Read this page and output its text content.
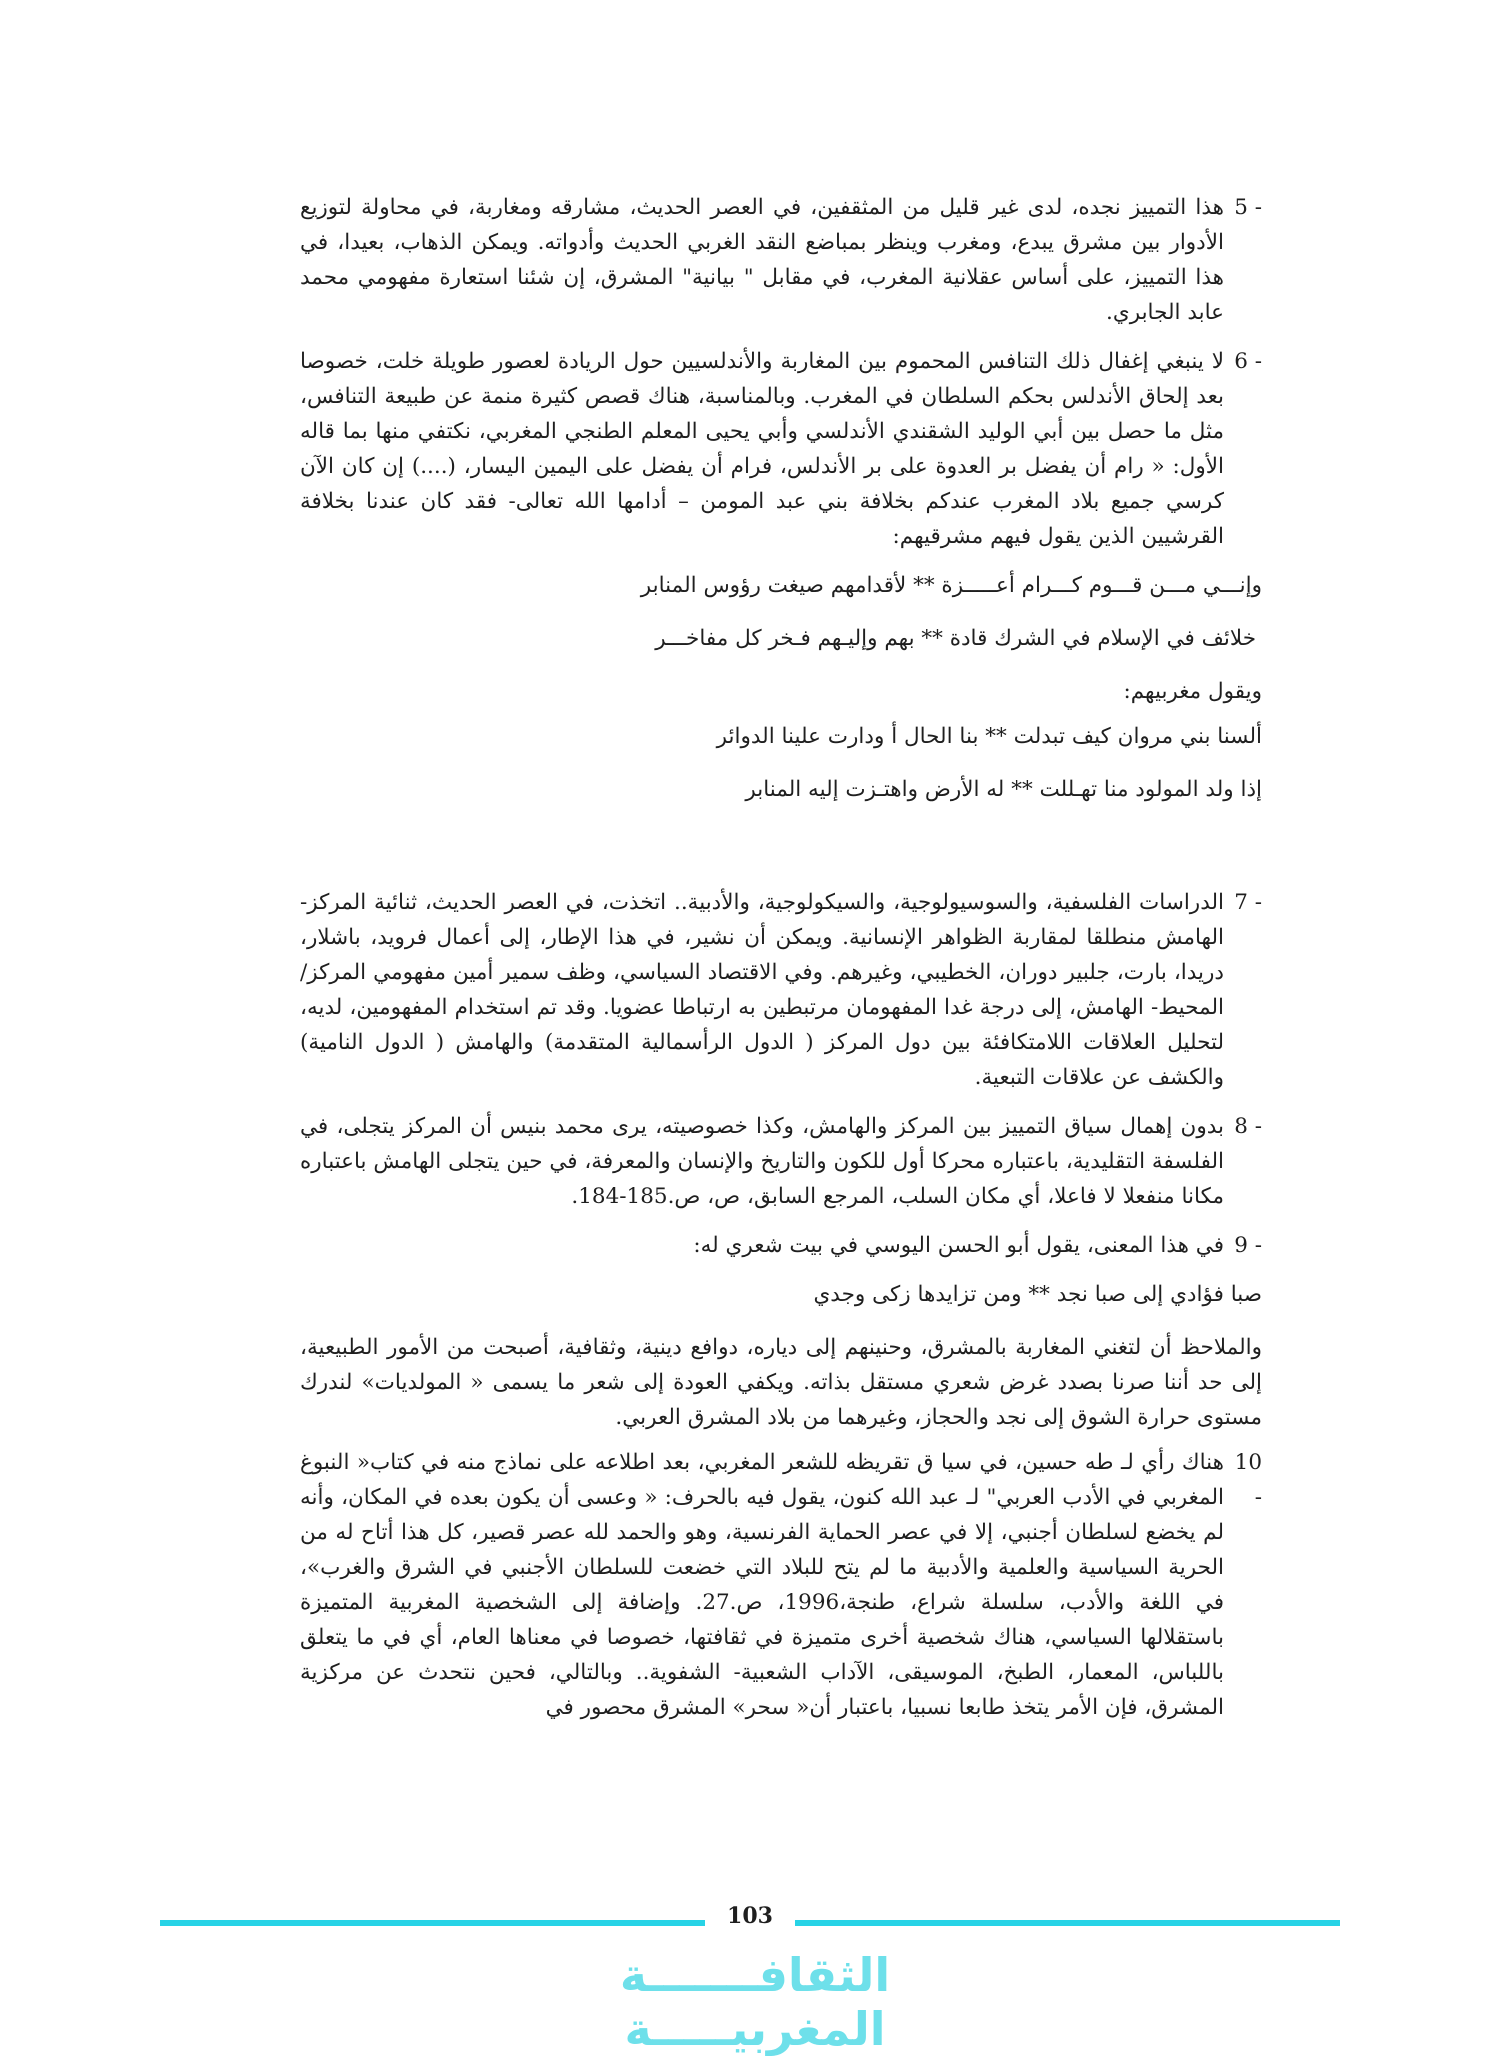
5 -

هذا التمييز نجده، لدى غير قليل من المثقفين، في العصر الحديث، مشارقه ومغاربة، في محاولة لتوزيع الأدوار بين مشرق يبدع، ومغرب وينظر بمباضع النقد الغربي الحديث وأدواته. ويمكن الذهاب، بعيدا، في هذا التمييز، على أساس عقلانية المغرب، في مقابل " بيانية" المشرق، إن شئنا استعارة مفهومي محمد عابد الجابري.

6 -

لا ينبغي إغفال ذلك التنافس المحموم بين المغاربة والأندلسيين حول الريادة لعصور طويلة خلت، خصوصا بعد إلحاق الأندلس بحكم السلطان في المغرب. وبالمناسبة، هناك قصص كثيرة منمة عن طبيعة التنافس، مثل ما حصل بين أبي الوليد الشقندي الأندلسي وأبي يحيى المعلم الطنجي المغربي، نكتفي منها بما قاله الأول: « رام أن يفضل بر العدوة على بر الأندلس، فرام أن يفضل على اليمين اليسار، (....) إن كان الآن كرسي جميع بلاد المغرب عندكم بخلافة بني عبد المومن – أدامها الله تعالى- فقد كان عندنا بخلافة القرشيين الذين يقول فيهم مشرقيهم:

وإنـــي مـــن قـــوم كـــرام أعـــــزة ** لأقدامهم صيغت رؤوس المنابر
خلائف في الإسلام في الشرك قادة ** بهم وإليـهم فـخر كل مفاخـــر
ويقول مغربيهم:
ألسنا بني مروان كيف تبدلت ** بنا الحال أ ودارت علينا الدوائر
إذا ولد المولود منا تهـللت ** له الأرض واهتـزت إليه المنابر
7 -

الدراسات الفلسفية، والسوسيولوجية، والسيكولوجية، والأدبية.. اتخذت، في العصر الحديث، ثنائية المركز- الهامش منطلقا لمقاربة الظواهر الإنسانية. ويمكن أن نشير، في هذا الإطار، إلى أعمال فرويد، باشلار، دريدا، بارت، جلبير دوران، الخطيبي، وغيرهم. وفي الاقتصاد السياسي، وظف سمير أمين مفهومي المركز/ المحيط- الهامش، إلى درجة غدا المفهومان مرتبطين به ارتباطا عضويا. وقد تم استخدام المفهومين، لديه، لتحليل العلاقات اللامتكافئة بين دول المركز ( الدول الرأسمالية المتقدمة) والهامش ( الدول النامية) والكشف عن علاقات التبعية.

8 -

بدون إهمال سياق التمييز بين المركز والهامش، وكذا خصوصيته، يرى محمد بنيس أن المركز يتجلى، في الفلسفة التقليدية، باعتباره محركا أول للكون والتاريخ والإنسان والمعرفة، في حين يتجلى الهامش باعتباره مكانا منفعلا لا فاعلا، أي مكان السلب، المرجع السابق، ص، ص.185-184.

9 -

في هذا المعنى، يقول أبو الحسن اليوسي في بيت شعري له:

صبا فؤادي إلى صبا نجد ** ومن تزايدها زكى وجدي

والملاحظ أن لتغني المغاربة بالمشرق، وحنينهم إلى دياره، دوافع دينية، وثقافية، أصبحت من الأمور الطبيعية، إلى حد أننا صرنا بصدد غرض شعري مستقل بذاته. ويكفي العودة إلى شعر ما يسمى « المولديات» لندرك مستوى حرارة الشوق إلى نجد والحجاز، وغيرهما من بلاد المشرق العربي.

10 -

هناك رأي لـ طه حسين، في سيا ق تقريظه للشعر المغربي، بعد اطلاعه على نماذج منه في كتاب« النبوغ المغربي في الأدب العربي" لـ عبد الله كنون، يقول فيه بالحرف: « وعسى أن يكون بعده في المكان، وأنه لم يخضع لسلطان أجنبي، إلا في عصر الحماية الفرنسية، وهو والحمد لله عصر قصير، كل هذا أتاح له من الحرية السياسية والعلمية والأدبية ما لم يتح للبلاد التي خضعت للسلطان الأجنبي في الشرق والغرب»، في اللغة والأدب، سلسلة شراع، طنجة،1996، ص.27. وإضافة إلى الشخصية المغربية المتميزة باستقلالها السياسي، هناك شخصية أخرى متميزة في ثقافتها، خصوصا في معناها العام، أي في ما يتعلق باللباس، المعمار، الطبخ، الموسيقى، الآداب الشعبية- الشفوية.. وبالتالي، فحين نتحدث عن مركزية المشرق، فإن الأمر يتخذ طابعا نسبيا، باعتبار أن« سحر» المشرق محصور في

103
الثقافـــــــة المغربيـــــة
